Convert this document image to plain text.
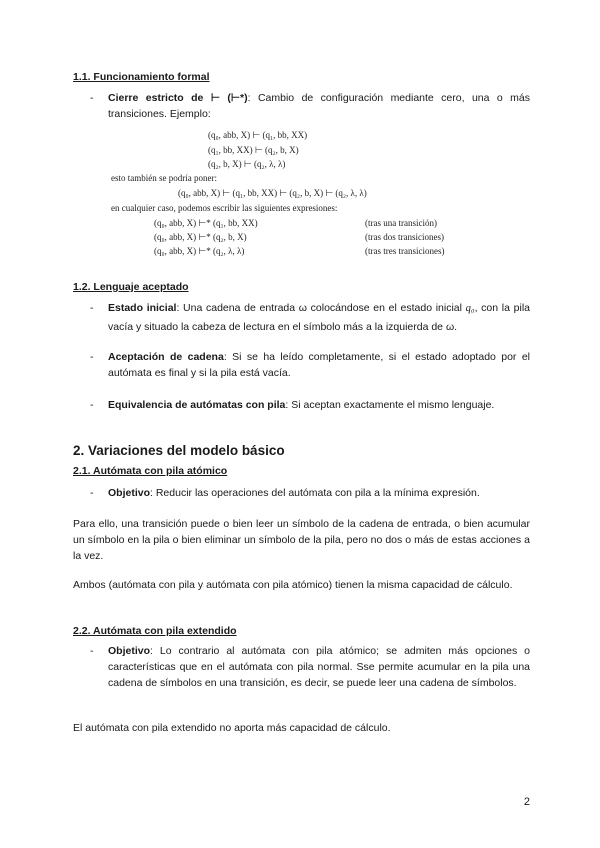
1.1. Funcionamiento formal
- Cierre estricto de ⊢ (⊢*): Cambio de configuración mediante cero, una o más transiciones. Ejemplo:
(q₀, abb, X) ⊢ (q₁, bb, XX)
(q₁, bb, XX) ⊢ (q₂, b, X)
(q₂, b, X) ⊢ (q₂, λ, λ)
esto también se podría poner:
(q₀, abb, X) ⊢ (q₁, bb, XX) ⊢ (q₂, b, X) ⊢ (q₂, λ, λ)
en cualquier caso, podemos escribir las siguientes expresiones:
(q₀, abb, X) ⊢* (q₁, bb, XX)	(tras una transición)
(q₀, abb, X) ⊢* (q₂, b, X)	(tras dos transiciones)
(q₀, abb, X) ⊢* (q₂, λ, λ)	(tras tres transiciones)
1.2. Lenguaje aceptado
- Estado inicial: Una cadena de entrada ω colocándose en el estado inicial q₀, con la pila vacía y situado la cabeza de lectura en el símbolo más a la izquierda de ω.
- Aceptación de cadena: Si se ha leído completamente, si el estado adoptado por el autómata es final y si la pila está vacía.
- Equivalencia de autómatas con pila: Si aceptan exactamente el mismo lenguaje.
2. Variaciones del modelo básico
2.1. Autómata con pila atómico
- Objetivo: Reducir las operaciones del autómata con pila a la mínima expresión.
Para ello, una transición puede o bien leer un símbolo de la cadena de entrada, o bien acumular un símbolo en la pila o bien eliminar un símbolo de la pila, pero no dos o más de estas acciones a la vez.
Ambos (autómata con pila y autómata con pila atómico) tienen la misma capacidad de cálculo.
2.2. Autómata con pila extendido
- Objetivo: Lo contrario al autómata con pila atómico; se admiten más opciones o características que en el autómata con pila normal. Sse permite acumular en la pila una cadena de símbolos en una transición, es decir, se puede leer una cadena de símbolos.
El autómata con pila extendido no aporta más capacidad de cálculo.
2
